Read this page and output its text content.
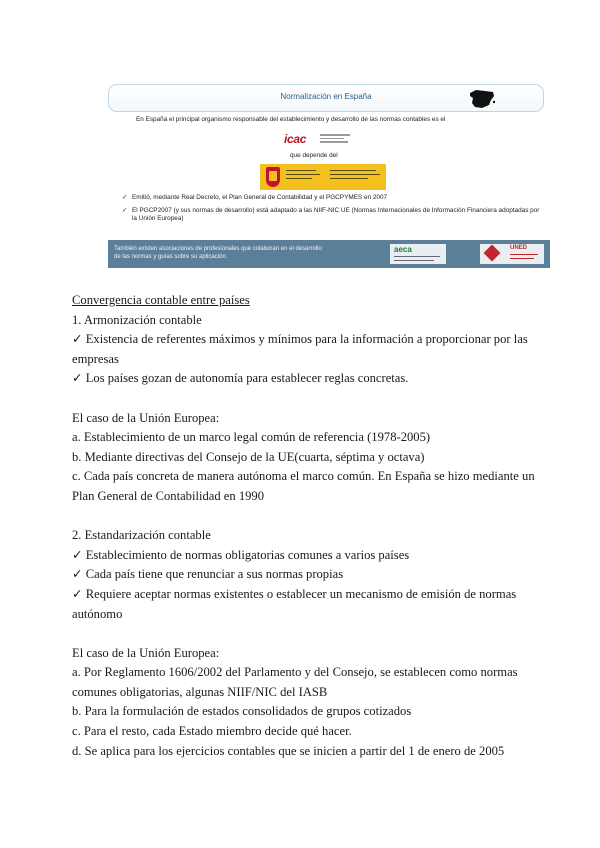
Normalización en España
En España el principal organismo responsable del establecimiento y desarrollo de las normas contables es el
icac
que depende del
✓ Emitió, mediante Real Decreto, el Plan General de Contabilidad y el PGCPYMES en 2007
✓ El PGCP2007 (y sus normas de desarrollo) está adaptado a las NIIF-NIC UE (Normas Internacionales de Información Financiera adoptadas por la Unión Europea)
También existen asociaciones de profesionales que colaboran en el desarrollo de las normas y guías sobre su aplicación.
aeca	UNED

Convergencia contable entre países

1. Armonización contable

✓ Existencia de referentes máximos y mínimos para la información a proporcionar por las empresas

✓ Los países gozan de autonomía para establecer reglas concretas.

El caso de la Unión Europea:

a. Establecimiento de un marco legal común de referencia (1978-2005)

b. Mediante directivas del Consejo de la UE(cuarta, séptima y octava)

c. Cada país concreta de manera autónoma el marco común. En España se hizo mediante un Plan General de Contabilidad en 1990

2. Estandarización contable

✓ Establecimiento de normas obligatorias comunes a varios países

✓ Cada país tiene que renunciar a sus normas propias

✓ Requiere aceptar normas existentes o establecer un mecanismo de emisión de normas autónomo

El caso de la Unión Europea:

a. Por Reglamento 1606/2002 del Parlamento y del Consejo, se establecen como normas comunes obligatorias, algunas NIIF/NIC del IASB

b. Para la formulación de estados consolidados de grupos cotizados

c. Para el resto, cada Estado miembro decide qué hacer.

d. Se aplica para los ejercicios contables que se inicien a partir del 1 de enero de 2005
